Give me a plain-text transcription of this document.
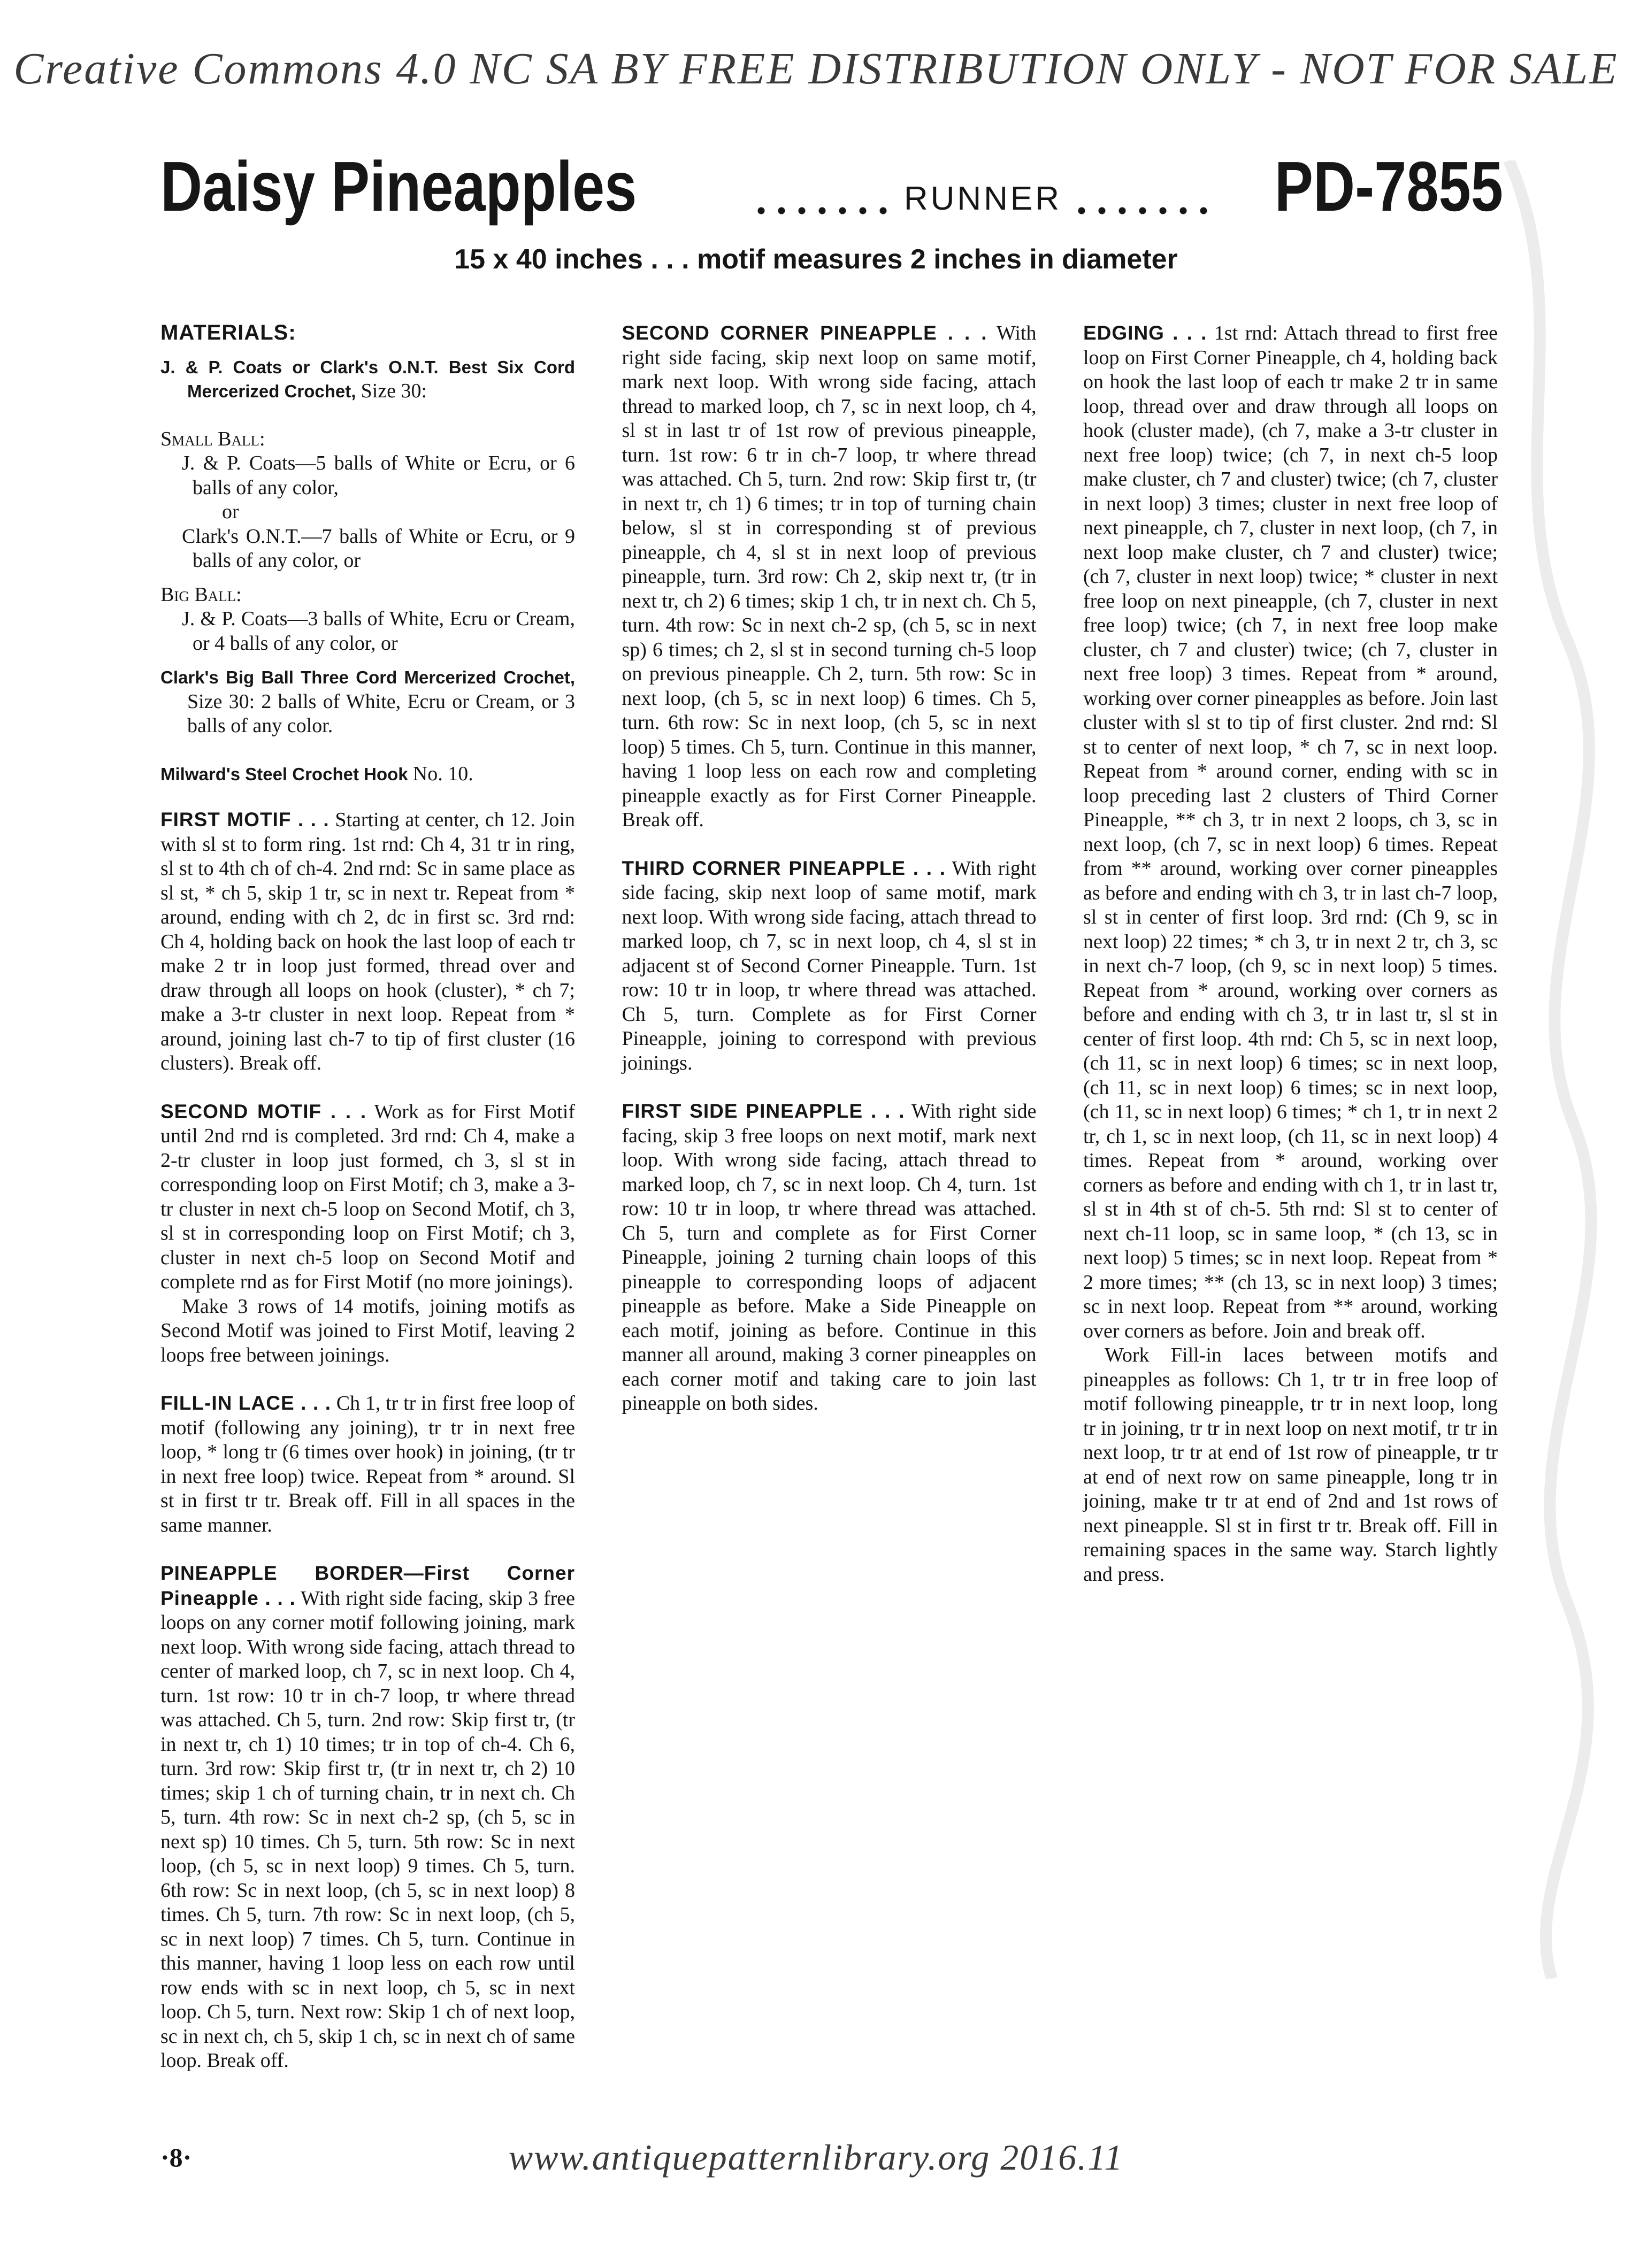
Creative Commons 4.0 NC SA BY FREE DISTRIBUTION ONLY - NOT FOR SALE
Daisy Pineapples	RUNNER	PD-7855
15 x 40 inches . . . motif measures 2 inches in diameter
MATERIALS:

J. & P. Coats or Clark's O.N.T. Best Six Cord Mercerized Crochet, Size 30:

Small Ball:
J. & P. Coats—5 balls of White or Ecru, or 6 balls of any color,
or
Clark's O.N.T.—7 balls of White or Ecru, or 9 balls of any color, or
Big Ball:
J. & P. Coats—3 balls of White, Ecru or Cream, or 4 balls of any color, or

Clark's Big Ball Three Cord Mercerized Crochet, Size 30: 2 balls of White, Ecru or Cream, or 3 balls of any color.

Milward's Steel Crochet Hook No. 10.

FIRST MOTIF . . . Starting at center, ch 12. Join with sl st to form ring. 1st rnd: Ch 4, 31 tr in ring, sl st to 4th ch of ch-4. 2nd rnd: Sc in same place as sl st, * ch 5, skip 1 tr, sc in next tr. Repeat from * around, ending with ch 2, dc in first sc. 3rd rnd: Ch 4, holding back on hook the last loop of each tr make 2 tr in loop just formed, thread over and draw through all loops on hook (cluster), * ch 7; make a 3-tr cluster in next loop. Repeat from * around, joining last ch-7 to tip of first cluster (16 clusters). Break off.

SECOND MOTIF . . . Work as for First Motif until 2nd rnd is completed. 3rd rnd: Ch 4, make a 2-tr cluster in loop just formed, ch 3, sl st in corresponding loop on First Motif; ch 3, make a 3-tr cluster in next ch-5 loop on Second Motif, ch 3, sl st in corresponding loop on First Motif; ch 3, cluster in next ch-5 loop on Second Motif and complete rnd as for First Motif (no more joinings).

Make 3 rows of 14 motifs, joining motifs as Second Motif was joined to First Motif, leaving 2 loops free between joinings.

FILL-IN LACE . . . Ch 1, tr tr in first free loop of motif (following any joining), tr tr in next free loop, * long tr (6 times over hook) in joining, (tr tr in next free loop) twice. Repeat from * around. Sl st in first tr tr. Break off. Fill in all spaces in the same manner.

PINEAPPLE BORDER—First Corner Pineapple . . . With right side facing, skip 3 free loops on any corner motif following joining, mark next loop. With wrong side facing, attach thread to center of marked loop, ch 7, sc in next loop. Ch 4, turn. 1st row: 10 tr in ch-7 loop, tr where thread was attached. Ch 5, turn. 2nd row: Skip first tr, (tr in next tr, ch 1) 10 times; tr in top of ch-4. Ch 6, turn. 3rd row: Skip first tr, (tr in next tr, ch 2) 10 times; skip 1 ch of turning chain, tr in next ch. Ch 5, turn. 4th row: Sc in next ch-2 sp, (ch 5, sc in next sp) 10 times. Ch 5, turn. 5th row: Sc in next loop, (ch 5, sc in next loop) 9 times. Ch 5, turn. 6th row: Sc in next loop, (ch 5, sc in next loop) 8 times. Ch 5, turn. 7th row: Sc in next loop, (ch 5, sc in next loop) 7 times. Ch 5, turn. Continue in this manner, having 1 loop less on each row until row ends with sc in next loop, ch 5, sc in next loop. Ch 5, turn. Next row: Skip 1 ch of next loop, sc in next ch, ch 5, skip 1 ch, sc in next ch of same loop. Break off.

SECOND CORNER PINEAPPLE . . . With right side facing, skip next loop on same motif, mark next loop. With wrong side facing, attach thread to marked loop, ch 7, sc in next loop, ch 4, sl st in last tr of 1st row of previous pineapple, turn. 1st row: 6 tr in ch-7 loop, tr where thread was attached. Ch 5, turn. 2nd row: Skip first tr, (tr in next tr, ch 1) 6 times; tr in top of turning chain below, sl st in corresponding st of previous pineapple, ch 4, sl st in next loop of previous pineapple, turn. 3rd row: Ch 2, skip next tr, (tr in next tr, ch 2) 6 times; skip 1 ch, tr in next ch. Ch 5, turn. 4th row: Sc in next ch-2 sp, (ch 5, sc in next sp) 6 times; ch 2, sl st in second turning ch-5 loop on previous pineapple. Ch 2, turn. 5th row: Sc in next loop, (ch 5, sc in next loop) 6 times. Ch 5, turn. 6th row: Sc in next loop, (ch 5, sc in next loop) 5 times. Ch 5, turn. Continue in this manner, having 1 loop less on each row and completing pineapple exactly as for First Corner Pineapple. Break off.

THIRD CORNER PINEAPPLE . . . With right side facing, skip next loop of same motif, mark next loop. With wrong side facing, attach thread to marked loop, ch 7, sc in next loop, ch 4, sl st in adjacent st of Second Corner Pineapple. Turn. 1st row: 10 tr in loop, tr where thread was attached. Ch 5, turn. Complete as for First Corner Pineapple, joining to correspond with previous joinings.

FIRST SIDE PINEAPPLE . . . With right side facing, skip 3 free loops on next motif, mark next loop. With wrong side facing, attach thread to marked loop, ch 7, sc in next loop. Ch 4, turn. 1st row: 10 tr in loop, tr where thread was attached. Ch 5, turn and complete as for First Corner Pineapple, joining 2 turning chain loops of this pineapple to corresponding loops of adjacent pineapple as before. Make a Side Pineapple on each motif, joining as before. Continue in this manner all around, making 3 corner pineapples on each corner motif and taking care to join last pineapple on both sides.

EDGING . . . 1st rnd: Attach thread to first free loop on First Corner Pineapple, ch 4, holding back on hook the last loop of each tr make 2 tr in same loop, thread over and draw through all loops on hook (cluster made), (ch 7, make a 3-tr cluster in next free loop) twice; (ch 7, in next ch-5 loop make cluster, ch 7 and cluster) twice; (ch 7, cluster in next loop) 3 times; cluster in next free loop of next pineapple, ch 7, cluster in next loop, (ch 7, in next loop make cluster, ch 7 and cluster) twice; (ch 7, cluster in next loop) twice; * cluster in next free loop on next pineapple, (ch 7, cluster in next free loop) twice; (ch 7, in next free loop make cluster, ch 7 and cluster) twice; (ch 7, cluster in next free loop) 3 times. Repeat from * around, working over corner pineapples as before. Join last cluster with sl st to tip of first cluster. 2nd rnd: Sl st to center of next loop, * ch 7, sc in next loop. Repeat from * around corner, ending with sc in loop preceding last 2 clusters of Third Corner Pineapple, ** ch 3, tr in next 2 loops, ch 3, sc in next loop, (ch 7, sc in next loop) 6 times. Repeat from ** around, working over corner pineapples as before and ending with ch 3, tr in last ch-7 loop, sl st in center of first loop. 3rd rnd: (Ch 9, sc in next loop) 22 times; * ch 3, tr in next 2 tr, ch 3, sc in next ch-7 loop, (ch 9, sc in next loop) 5 times. Repeat from * around, working over corners as before and ending with ch 3, tr in last tr, sl st in center of first loop. 4th rnd: Ch 5, sc in next loop, (ch 11, sc in next loop) 6 times; sc in next loop, (ch 11, sc in next loop) 6 times; sc in next loop, (ch 11, sc in next loop) 6 times; * ch 1, tr in next 2 tr, ch 1, sc in next loop, (ch 11, sc in next loop) 4 times. Repeat from * around, working over corners as before and ending with ch 1, tr in last tr, sl st in 4th st of ch-5. 5th rnd: Sl st to center of next ch-11 loop, sc in same loop, * (ch 13, sc in next loop) 5 times; sc in next loop. Repeat from * 2 more times; ** (ch 13, sc in next loop) 3 times; sc in next loop. Repeat from ** around, working over corners as before. Join and break off.

Work Fill-in laces between motifs and pineapples as follows: Ch 1, tr tr in free loop of motif following pineapple, tr tr in next loop, long tr in joining, tr tr in next loop on next motif, tr tr in next loop, tr tr at end of 1st row of pineapple, tr tr at end of next row on same pineapple, long tr in joining, make tr tr at end of 2nd and 1st rows of next pineapple. Sl st in first tr tr. Break off. Fill in remaining spaces in the same way. Starch lightly and press.

·8·	www.antiquepatternlibrary.org 2016.11
